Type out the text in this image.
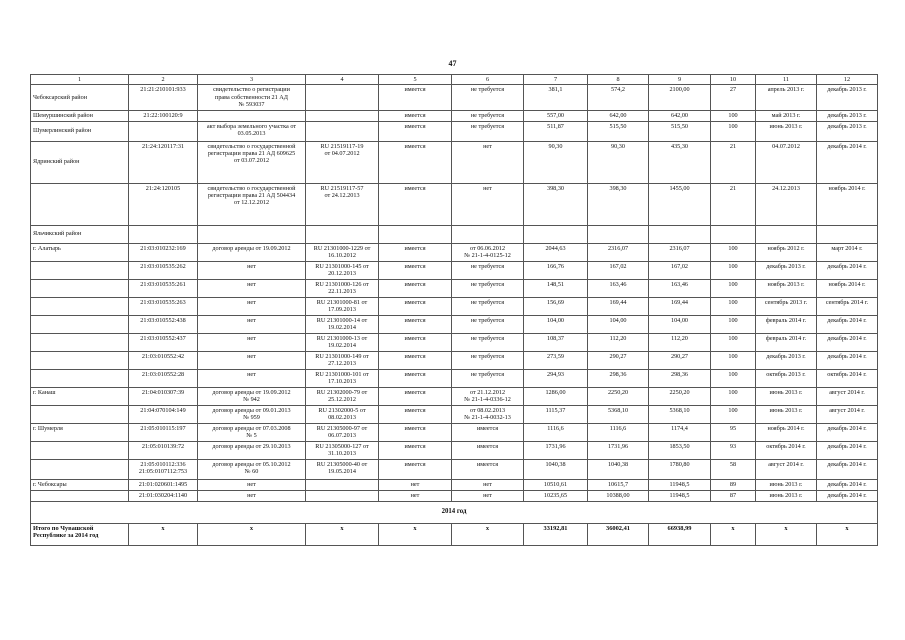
47
1	2	3	4	5	6	7	8	9	10	11	12
Чебоксарский район	21:21:210101:933	свидетельство о регистрации
права собственности 21 АД
№ 593037		имеется	не требуется	381,1	574,2	2100,00	27	апрель 2013 г.	декабрь 2013 г.
Шемуршинский район	21:22:100120:9			имеется	не требуется	557,00	642,00	642,00	100	май 2013 г.	декабрь 2013 г.
Шумерлинский район		акт выбора земельного участка от
03.05.2013		имеется	не требуется	511,87	515,50	515,50	100	июнь 2013 г.	декабрь 2013 г.
Ядринский район	21:24:120117:31	свидетельство о государственной
регистрации права 21 АД 609625
от 03.07.2012	RU 21519117-19
от 04.07.2012	имеется	нет	90,30	90,30	435,30	21	04.07.2012	декабрь 2014 г.
	21:24:120105	свидетельство о государственной
регистрации права 21 АД 504434
от 12.12.2012	RU 21519117-57
от 24.12.2013	имеется	нет	398,30	398,30	1455,00	21	24.12.2013	ноябрь 2014 г.
Яльчикский район											
г. Алатырь	21:03:010232:169	договор аренды от 19.09.2012	RU 21301000-1229 от
16.10.2012	имеется	от 06.06.2012
№ 21-1-4-0125-12	2044,63	2316,07	2316,07	100	ноябрь 2012 г.	март 2014 г.
	21:03:010535:262	нет	RU 21301000-145 от
20.12.2013	имеется	не требуется	166,76	167,02	167,02	100	декабрь 2013 г.	декабрь 2014 г.
	21:03:010535:261	нет	RU 21301000-126 от
22.11.2013	имеется	не требуется	148,51	163,46	163,46	100	ноябрь 2013 г.	ноябрь 2014 г.
	21:03:010535:263	нет	RU 21301000-81 от
17.09.2013	имеется	не требуется	156,69	169,44	169,44	100	сентябрь 2013 г.	сентябрь 2014 г.
	21:03:010552:438	нет	RU 21301000-14 от
19.02.2014	имеется	не требуется	104,00	104,00	104,00	100	февраль 2014 г.	декабрь 2014 г.
	21:03:010552:437	нет	RU 21301000-13 от
19.02.2014	имеется	не требуется	108,37	112,20	112,20	100	февраль 2014 г.	декабрь 2014 г.
	21:03:010552:42	нет	RU 21301000-149 от
27.12.2013	имеется	не требуется	273,59	290,27	290,27	100	декабрь 2013 г.	декабрь 2014 г.
	21:03:010552:28	нет	RU 21301000-101 от
17.10.2013	имеется	не требуется	294,93	298,36	298,36	100	октябрь 2013 г.	октябрь 2014 г.
г. Канаш	21:04:010307:39	договор аренды от 19.09.2012
№ 942	RU 21302000-79 от
25.12.2012	имеется	от 21.12.2012
№ 21-1-4-0336-12	1286,00	2250,20	2250,20	100	июнь 2013 г.	август 2014 г.
	21:04:070104:149	договор аренды от 09.01.2013
№ 959	RU 21302000-5 от
08.02.2013	имеется	от 08.02.2013
№ 21-1-4-0032-13	1115,37	5368,10	5368,10	100	июнь 2013 г.	август 2014 г.
г. Шумерля	21:05:010115:197	договор аренды от 07.03.2008
№ 5	RU 21305000-97 от
06.07.2013	имеется	имеется	1116,6	1116,6	1174,4	95	ноябрь 2014 г.	декабрь 2014 г.
	21:05:010139:72	договор аренды от 29.10.2013	RU 21305000-127 от
31.10.2013	имеется	имеется	1731,96	1731,96	1853,50	93	октябрь 2014 г.	декабрь 2014 г.
	21:05:010112:336
21:05:0107112:753	договор аренды от 05.10.2012
№ 60	RU 21305000-40 от
19.05.2014	имеется	имеется	1040,38	1040,38	1780,80	58	август 2014 г.	декабрь 2014 г.
г. Чебоксары	21:01:020601:1495	нет		нет	нет	10510,61	10615,7	11948,5	89	июнь 2013 г.	декабрь 2014 г.
	21:01:030204:1140	нет		нет	нет	10235,65	10388,00	11948,5	87	июнь 2013 г.	декабрь 2014 г.
2014 год											
Итого по Чувашской
Республике за 2014 год	x	x	x	x	x	33192,81	36002,41	66938,99	x	x	x
